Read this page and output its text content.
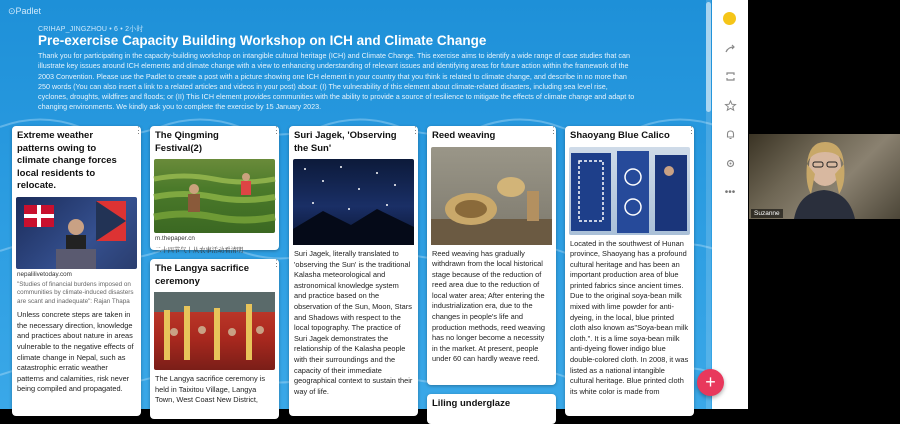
⊙Padlet
CRIHAP_JINGZHOU • 6 • 2小时
Pre-exercise Capacity Building Workshop on ICH and Climate Change
Thank you for participating in the capacity-building workshop on intangible cultural heritage (ICH) and Climate Change. This exercise aims to identify a wide range of case studies that can illustrate key issues around ICH elements and climate change with a view to enhancing understanding of relevant issues and identifying areas for future action within the framework of the 2003 Convention. Please use the Padlet to create a post with a picture showing one ICH element in your country that you think is related to climate change, and describe in no more than 250 words (You can also insert a link to a related articles and videos in your post) about: (I) The vulnerability of this element about climate-related disasters, including sea level rise, cyclones, droughts, wildfires and floods; or (II) This ICH element provides communities with the ability to provide a source of resilience to mitigate the effects of climate change and adapt to changing environments. We kindly ask you to complete the exercise by 15 January 2023.
⋮
Extreme weather patterns owing to climate change forces local residents to relocate.
nepalilivetoday.com
"Studies of financial burdens imposed on communities by climate-induced disasters are scant and inadequate": Rajan Thapa
Unless concrete steps are taken in the necessary direction, knowledge and practices about nature in areas vulnerable to the negative effects of climate change in Nepal, such as catastrophic erratic weather patterns and calamities, risk never being compiled and propagated.
⋮
The Qingming Festival(2)
m.thepaper.cn
二十四节气丨从农事活动看清明
⋮
The Langya sacrifice ceremony
The Langya sacrifice ceremony is held in Taixitou Village, Langya Town, West Coast New District,
⋮
Suri Jagek, 'Observing the Sun'
Suri Jagek, literally translated to 'observing the Sun' is the traditional Kalasha meteorological and astronomical knowledge system and practice based on the observation of the Sun, Moon, Stars and Shadows with respect to the local topography. The practice of Suri Jagek demonstrates the relationship of the Kalasha people with their surroundings and the capacity of their immediate geographical context to sustain their way of life.
⋮
Reed weaving
Reed weaving has gradually withdrawn from the local historical stage because of the reduction of reed area due to the reduction of local water area; After entering the industrialization era, due to the changes in people's life and production methods, reed weaving has no longer become a necessity in the market. At present, people under 60 can hardly weave reed.
Liling underglaze
⋮
Shaoyang Blue Calico
Located in the southwest of Hunan province, Shaoyang has a profound cultural heritage and has been an important production area of blue printed fabrics since ancient times. Due to the original soya-bean milk mixed with lime powder for anti-dyeing, in the local, blue printed cloth also known as"Soya-bean milk cloth.". It is a lime soya-bean milk anti-dyeing flower indigo blue double-colored cloth. In 2008, it was listed as a national intangible cultural heritage. Blue printed cloth its white color is made from
•••
+
Suzanne
